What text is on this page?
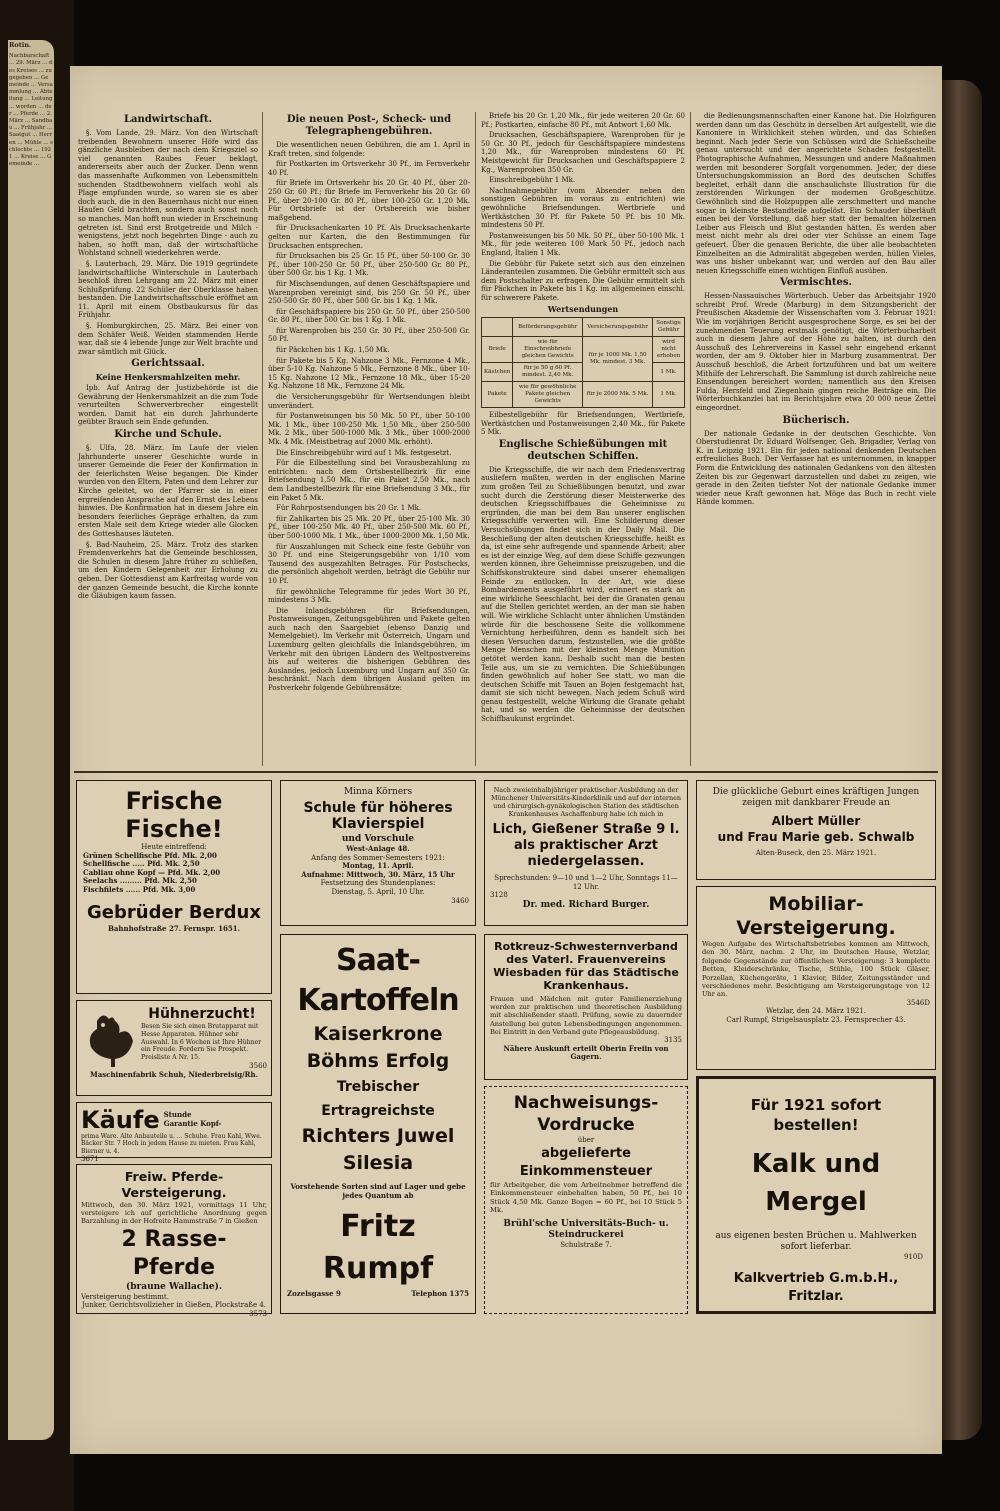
Rotin.
Nachbarschaft ... 29. März ... des Kreises ... zugegeben ... Gemeinde ... Versammlung ... Abteilung ... Leitung ... worden ... der ... Pferde ... 2. März ... Sandbau ... Frühjahr ... Saatgut ... Herren ... Mühle ... schlechte ... 1921 ... Kreise ... Gemeinde ...
Landwirtschaft.

§. Vom Lande, 29. März. Von den Wirtschaft treibenden Bewohnern unserer Höfe wird das gänzliche Ausbleiben der nach dem Kriegsziel so viel genannten Raubes Feuer beklagt, andererseits aber auch der Zucker. Denn wenn das massenhafte Aufkommen von Lebensmitteln suchenden Stadtbewohnern vielfach wohl als Plage empfunden wurde, so waren sie es aber doch auch, die in den Bauernhaus nicht nur einen Haufen Geld brachten, sondern auch sonst noch so manches. Man hofft nun wieder in Erscheinung getreten ist. Sind erst Brotgetreide und Milch - wenigstens, jetzt noch begehrten Dinge - auch zu haben, so hofft man, daß der wirtschaftliche Wohlstand schnell wiederkehren werde.

§. Lauterbach, 29. März. Die 1919 gegründete landwirtschaftliche Winterschule in Lauterbach beschloß ihren Lehrgang am 22. März mit einer Schlußprüfung. 22 Schüler der Oberklasse haben bestanden. Die Landwirtschaftsschule eröffnet am 11. April mit einem Obstbaukursus für das Frühjahr.

§. Homburgkirchen, 25. März. Bei einer von dem Schäfer Weiß. Weiden stammenden Herde war, daß sie 4 lebende Junge zur Welt brachte und zwar sämtlich mit Glück.

Gerichtssaal.
Keine Henkersmahlzeiten mehr.

Ipb. Auf Antrag der Justizbehörde ist die Gewährung der Henkersmahlzeit an die zum Tode verurteilten Schwerverbrecher eingestellt worden. Damit hat ein durch Jahrhunderte geübter Brauch sein Ende gefunden.

Kirche und Schule.

§. Ulfa, 28. März. Im Laufe der vielen Jahrhunderte unserer Geschichte wurde in unserer Gemeinde die Feier der Konfirmation in der feierlichsten Weise begangen. Die Kinder wurden von den Eltern, Paten und dem Lehrer zur Kirche geleitet, wo der Pfarrer sie in einer ergreifenden Ansprache auf den Ernst des Lebens hinwies. Die Konfirmation hat in diesem Jahre ein besonders feierliches Gepräge erhalten, da zum ersten Male seit dem Kriege wieder alle Glocken des Gotteshauses läuteten.

§. Bad-Nauheim, 25. März. Trotz des starken Fremdenverkehrs hat die Gemeinde beschlossen, die Schulen in diesem Jahre früher zu schließen, um den Kindern Gelegenheit zur Erholung zu geben. Der Gottesdienst am Karfreitag wurde von der ganzen Gemeinde besucht, die Kirche konnte die Gläubigen kaum fassen.

Die neuen Post-, Scheck- und Telegraphengebühren.

Die wesentlichen neuen Gebühren, die am 1. April in Kraft treten, sind folgende:

für Postkarten im Ortsverkehr 30 Pf., im Fernverkehr 40 Pf.

für Briefe im Ortsverkehr bis 20 Gr. 40 Pf., über 20-250 Gr. 60 Pf.; für Briefe im Fernverkehr bis 20 Gr. 60 Pf., über 20-100 Gr. 80 Pf., über 100-250 Gr. 1,20 Mk. Für Ortsbriefe ist der Ortsbereich wie bisher maßgebend.

für Drucksachenkarten 10 Pf. Als Drucksachenkarte gelten nur Karten, die den Bestimmungen für Drucksachen entsprechen.

für Drucksachen bis 25 Gr. 15 Pf., über 50-100 Gr. 30 Pf., über 100-250 Gr. 50 Pf., über 250-500 Gr. 80 Pf., über 500 Gr. bis 1 Kg. 1 Mk.

für Mischsendungen, auf denen Geschäftspapiere und Warenproben vereinigt sind, bis 250 Gr. 50 Pf., über 250-500 Gr. 80 Pf., über 500 Gr. bis 1 Kg. 1 Mk.

für Geschäftspapiere bis 250 Gr. 50 Pf., über 250-500 Gr. 80 Pf., über 500 Gr. bis 1 Kg. 1 Mk.

für Warenproben bis 250 Gr. 30 Pf., über 250-500 Gr. 50 Pf.

für Päckchen bis 1 Kg. 1,50 Mk.

für Pakete bis 5 Kg. Nahzone 3 Mk., Fernzone 4 Mk., über 5-10 Kg. Nahzone 5 Mk., Fernzone 8 Mk., über 10-15 Kg. Nahzone 12 Mk., Fernzone 18 Mk., über 15-20 Kg. Nahzone 18 Mk., Fernzone 24 Mk.

die Versicherungsgebühr für Wertsendungen bleibt unverändert.

für Postanweisungen bis 50 Mk. 50 Pf., über 50-100 Mk. 1 Mk., über 100-250 Mk. 1,50 Mk., über 250-500 Mk. 2 Mk., über 500-1000 Mk. 3 Mk., über 1000-2000 Mk. 4 Mk. (Meistbetrag auf 2000 Mk. erhöht).

Die Einschreibgebühr wird auf 1 Mk. festgesetzt.

Für die Eilbestellung sind bei Vorausbezahlung zu entrichten: nach dem Ortsbestellbezirk für eine Briefsendung 1,50 Mk., für ein Paket 2,50 Mk., nach dem Landbestellbezirk für eine Briefsendung 3 Mk., für ein Paket 5 Mk.

Für Rohrpostsendungen bis 20 Gr. 1 Mk.

für Zahlkarten bis 25 Mk. 20 Pf., über 25-100 Mk. 30 Pf., über 100-250 Mk. 40 Pf., über 250-500 Mk. 60 Pf., über 500-1000 Mk. 1 Mk., über 1000-2000 Mk. 1,50 Mk.

für Auszahlungen mit Scheck eine feste Gebühr von 30 Pf. und eine Steigerungsgebühr von 1/10 vom Tausend des ausgezahlten Betrages. Für Postschecks, die persönlich abgeholt werden, beträgt die Gebühr nur 10 Pf.

für gewöhnliche Telegramme für jedes Wort 30 Pf., mindestens 3 Mk.

Die Inlandsgebühren für Briefsendungen, Postanweisungen, Zeitungsgebühren und Pakete gelten auch nach den Saargebiet (ebenso Danzig und Memelgebiet). Im Verkehr mit Österreich, Ungarn und Luxemburg gelten gleichfalls die Inlandsgebühren, im Verkehr mit den übrigen Ländern des Weltpostvereins bis auf weiteres die bisherigen Gebühren des Auslandes, jedoch Luxemburg und Ungarn auf 350 Gr. beschränkt. Nach dem übrigen Ausland gelten im Postverkehr folgende Gebührensätze:

Briefe bis 20 Gr. 1,20 Mk., für jede weiteren 20 Gr. 60 Pf.; Postkarten, einfache 80 Pf., mit Antwort 1,60 Mk.

Drucksachen, Geschäftspapiere, Warenproben für je 50 Gr. 30 Pf., jedoch für Geschäftspapiere mindestens 1,20 Mk., für Warenproben mindestens 60 Pf. Meistgewicht für Drucksachen und Geschäftspapiere 2 Kg., Warenproben 350 Gr.

Einschreibgebühr 1 Mk.

Nachnahmegebühr (vom Absender neben den sonstigen Gebühren im voraus zu entrichten) wie gewöhnliche Briefsendungen. Wertbriefe und Wertkästchen 30 Pf. für Pakete 50 Pf. bis 10 Mk. mindestens 50 Pf.

Postanweisungen bis 50 Mk. 50 Pf., über 50-100 Mk. 1 Mk., für jede weiteren 100 Mark 50 Pf., jedoch nach England, Italien 1 Mk.

Die Gebühr für Pakete setzt sich aus den einzelnen Länderanteilen zusammen. Die Gebühr ermittelt sich aus dem Postschalter zu erfragen. Die Gebühr ermittelt sich für Päckchen in Pakete bis 1 Kg. im allgemeinen einschl. für schwerere Pakete.

Wertsendungen
	Beförderungsgebühr	Versicherungsgebühr	Sonstige Gebühr
Briefe	wie für Einschreibbriefe gleichen Gewichts	für je 1000 Mk. 1,50 Mk. mindest. 3 Mk.	wird nicht erhoben
Kästchen	für je 50 g 60 Pf. mindest. 2,40 Mk.		1 Mk.
Pakete	wie für gewöhnliche Pakete gleichen Gewichts	für je 2000 Mk. 5 Mk.	1 Mk.

Eilbestellgebühr für Briefsendungen, Wertbriefe, Wertkästchen und Postanweisungen 2,40 Mk., für Pakete 5 Mk.

Englische Schießübungen mit deutschen Schiffen.

Die Kriegsschiffe, die wir nach dem Friedensvertrag ausliefern mußten, werden in der englischen Marine zum großen Teil zu Schießübungen benutzt, und zwar sucht durch die Zerstörung dieser Meisterwerke des deutschen Kriegsschiffbaues die Geheimnisse zu ergründen, die man bei dem Bau unserer englischen Kriegsschiffe verwerten will. Eine Schilderung dieser Versuchsübungen findet sich in der Daily Mail. Die Beschießung der alten deutschen Kriegsschiffe, heißt es da, ist eine sehr aufregende und spannende Arbeit; aber es ist der einzige Weg, auf dem diese Schiffe gezwungen werden können, ihre Geheimnisse preiszugeben, und die Schiffskonstrukteure sind dabei unserer ehemaligen Feinde zu entlocken. In der Art, wie diese Bombardements ausgeführt wird, erinnert es stark an eine wirkliche Seeschlacht, bei der die Granaten genau auf die Stellen gerichtet werden, an der man sie haben will. Wie wirkliche Schlacht unter ähnlichen Umständen würde für die beschossene Seite die vollkommene Vernichtung herbeiführen, denn es handelt sich bei diesen Versuchen darum, festzustellen, wie die größte Menge Menschen mit der kleinsten Menge Munition getötet werden kann. Deshalb sucht man die besten Teile aus, um sie zu vernichten. Die Schießübungen finden gewöhnlich auf hoher See statt, wo man die deutschen Schiffe mit Tauen an Bojen festgemacht hat, damit sie sich nicht bewegen. Nach jedem Schuß wird genau festgestellt, welche Wirkung die Granate gehabt hat, und so werden die Geheimnisse der deutschen Schiffbaukunst ergründet.

die Bedienungsmannschaften einer Kanone hat. Die Holzfiguren werden dann um das Geschütz in derselben Art aufgestellt, wie die Kanoniere in Wirklichkeit stehen würden, und das Schießen beginnt. Nach jeder Serie von Schüssen wird die Schießscheibe genau untersucht und der angerichtete Schaden festgestellt. Photographische Aufnahmen, Messungen und andere Maßnahmen werden mit besonderer Sorgfalt vorgenommen. Jeder, der diese Untersuchungskommission an Bord des deutschen Schiffes begleitet, erhält dann die anschaulichste Illustration für die zerstörenden Wirkungen der modernen Großgeschütze. Gewöhnlich sind die Holzpuppen alle zerschmettert und manche sogar in kleinste Bestandteile aufgelöst. Ein Schauder überläuft einen bei der Vorstellung, daß hier statt der bemalten hölzernen Leiber aus Fleisch und Blut gestanden hätten. Es werden aber meist nicht mehr als drei oder vier Schüsse an einem Tage gefeuert. Über die genauen Berichte, die über alle beobachteten Einzelheiten an die Admiralität abgegeben werden, hüllen Vieles, was uns bisher unbekannt war, und werden auf den Bau aller neuen Kriegsschiffe einen wichtigen Einfluß ausüben.

Vermischtes.

Hessen-Nassauisches Wörterbuch. Ueber das Arbeitsjahr 1920 schreibt Prof. Wrede (Marburg) in dem Sitzungsbericht der Preußischen Akademie der Wissenschaften vom 3. Februar 1921: Wie im vorjährigen Bericht ausgesprochene Sorge, es sei bei der zunehmenden Teuerung erstmals genötigt, die Wörterbucharbeit auch in diesem Jahre auf der Höhe zu halten, ist durch den Ausschuß des Lehrervereins in Kassel sehr eingehend erkannt worden, der am 9. Oktober hier in Marburg zusammentrat. Der Ausschuß beschloß, die Arbeit fortzuführen und bat um weitere Mithilfe der Lehrerschaft. Die Sammlung ist durch zahlreiche neue Einsendungen bereichert worden; namentlich aus den Kreisen Fulda, Hersfeld und Ziegenhain gingen reiche Beiträge ein. Die Wörterbuchkanzlei hat im Berichtsjahre etwa 20 000 neue Zettel eingeordnet.

Bücherisch.

Der nationale Gedanke in der deutschen Geschichte. Von Oberstudienrat Dr. Eduard Wolfsenger, Geh. Brigadier, Verlag von K. in Leipzig 1921. Ein für jeden national denkenden Deutschen erfreuliches Buch. Der Verfasser hat es unternommen, in knapper Form die Entwicklung des nationalen Gedankens von den ältesten Zeiten bis zur Gegenwart darzustellen und dabei zu zeigen, wie gerade in den Zeiten tiefster Not der nationale Gedanke immer wieder neue Kraft gewonnen hat. Möge das Buch in recht viele Hände kommen.

Frische Fische!
Heute eintreffend:
Grünen Schellfische Pfd. Mk. 2,00
Schellfische ..... Pfd. Mk. 2,50
Cabliau ohne Kopf — Pfd. Mk. 2,00
Seelachs ......... Pfd. Mk. 2,50
Fischfilets ...... Pfd. Mk. 3,00
Gebrüder Berdux
Bahnhofstraße 27. Fernspr. 1651.
Minna Körners
Schule für höheres Klavierspiel
und Vorschule
West-Anlage 48.
Anfang des Sommer-Semesters 1921:
Montag, 11. April.
Aufnahme: Mittwoch, 30. März, 15 Uhr
Festsetzung des Stundenplanes:
Dienstag, 5. April, 10 Uhr.
3460
Nach zweieinhalbjähriger praktischer Ausbildung an der Münchener Universitäts-Kinderklinik und auf der internen und chirurgisch-gynäkologischen Station des städtischen Krankenhauses Aschaffenburg habe ich mich in
Lich, Gießener Straße 9 I.
als praktischer Arzt niedergelassen.
Sprechstunden: 9—10 und 1—2 Uhr, Sonntags 11—12 Uhr.
3128
Dr. med. Richard Burger.
Die glückliche Geburt eines kräftigen Jungen zeigen mit dankbarer Freude an
Albert Müller
und Frau Marie geb. Schwalb
Alten-Buseck, den 25. März 1921.
Mobiliar-Versteigerung.
Wegen Aufgabe des Wirtschaftsbetriebes kommen am Mittwoch, den 30. März, nachm. 2 Uhr, im Deutschen Hause, Wetzlar, folgende Gegenstände zur öffentlichen Versteigerung: 3 komplette Betten, Kleiderschränke, Tische, Stühle, 100 Stück Gläser, Porzellan, Küchengeräte, 1 Klavier, Bilder, Zeitungsständer und verschiedenes mehr. Besichtigung am Versteigerungstage von 12 Uhr an.
3546D
Wetzlar, den 24. März 1921.
Carl Rumpf, Strigelsausplatz 23. Fernsprecher 43.
Hühnerzucht!
Besen Sie sich einen Brutapparat mit Hesse Apparaten. Hühner sehr Auswahl. In 6 Wochen ist Ihre Hühner ein Freude. Fordern Sie Prospekt. Preisliste A Nr. 15.
3560
Maschinenfabrik Schuh, Niederbreisig/Rh.
Käufe Stunde
Garantie Kopf-
prima Ware. Alte Anbauteile u. ... Schuhe. Frau Kahl, Wwe. Bäcker Str. 7 Hoch in jedem Hause zu mieten. Frau Kahl, Bierner u. 4.
3671
Freiw. Pferde-Versteigerung.
Mittwoch, den 30. März 1921, vormittags 11 Uhr, versteigere ich auf gerichtliche Anordnung gegen Barzahlung in der Hofreite Hammstraße 7 in Gießen
2 Rasse-Pferde
(braune Wallache).
Versteigerung bestimmt.
Junker, Gerichtsvollzieher in Gießen, Plockstraße 4.
3573
Saat-Kartoffeln
Kaiserkrone
Böhms Erfolg
Trebischer Ertragreichste
Richters Juwel
Silesia
Vorstehende Sorten sind auf Lager und gebe jedes Quantum ab
Fritz Rumpf
Zozelsgasse 9	Telephon 1375
Rotkreuz-Schwesternverband des Vaterl. Frauenvereins Wiesbaden für das Städtische Krankenhaus.
Frauen und Mädchen mit guter Familienerziehung werden zur praktischen und theoretischen Ausbildung mit abschließender staatl. Prüfung, sowie zu dauernder Anstellung bei guten Lebensbedingungen angenommen. Bei Eintritt in den Verband gute Pflegeausbildung.
3135
Nähere Auskunft erteilt Oberin Freiin von Gagern.
Nachweisungs-Vordrucke
über
abgelieferte Einkommensteuer
für Arbeitgeber, die vom Arbeitnehmer betreffend die Einkommensteuer einbehalten haben, 50 Pf., bei 10 Stück 4,50 Mk. Ganze Bogen = 60 Pf., bei 10 Stück 5 Mk.
Brühl'sche Universitäts-Buch- u. Steindruckerei
Schulstraße 7.
Für 1921 sofort bestellen!
Kalk und Mergel
aus eigenen besten Brüchen u. Mahlwerken sofort lieferbar.
910D
Kalkvertrieb G.m.b.H., Fritzlar.
